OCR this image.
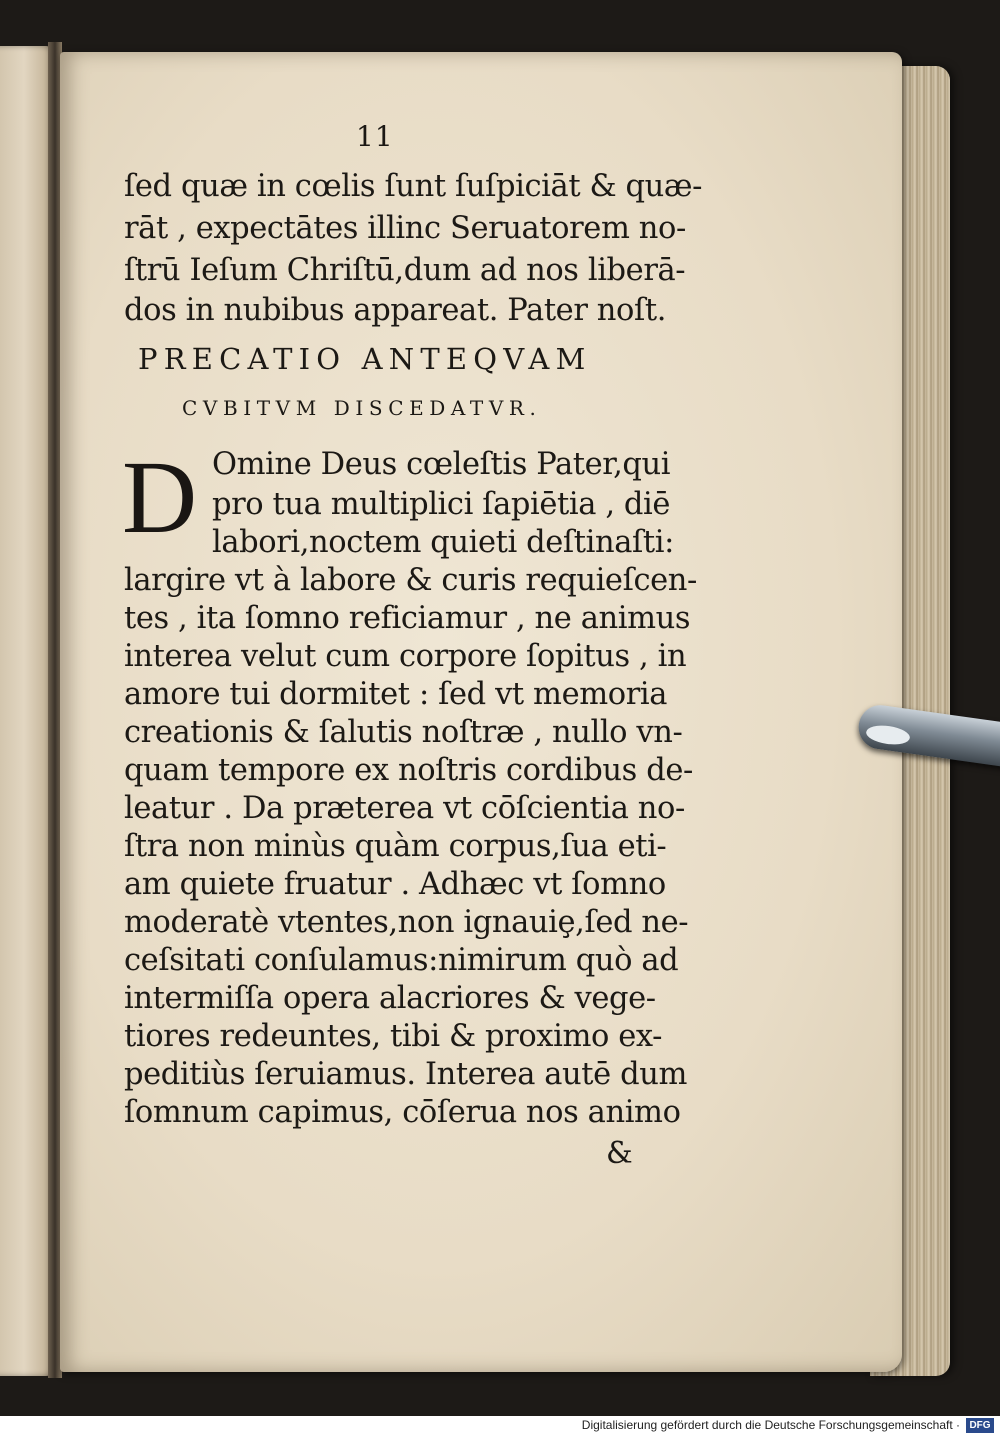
11
ſed quæ in cœlis ſunt ſuſpiciāt & quæ-
rāt , expectātes illinc Seruatorem no-
ſtrū Ieſum Chriſtū,dum ad nos liberā-
dos in nubibus appareat. Pater noſt.
PRECATIO ANTEQVAM
CVBITVM DISCEDATVR.
D Omine Deus cœleſtis Pater,qui
pro tua multiplici ſapiētia , diē
labori,noctem quieti deſtinaſti:
largire vt à labore & curis requieſcen-
tes , ita ſomno reficiamur , ne animus
interea velut cum corpore ſopitus , in
amore tui dormitet : ſed vt memoria
creationis & ſalutis noſtræ , nullo vn-
quam tempore ex noſtris cordibus de-
leatur . Da præterea vt cōſcientia no-
ſtra non minùs quàm corpus,ſua eti-
am quiete fruatur . Adhæc vt ſomno
moderatè vtentes,non ignauiȩ,ſed ne-
ceſsitati conſulamus:nimirum quò ad
intermiſſa opera alacriores & vege-
tiores redeuntes, tibi & proximo ex-
peditiùs ſeruiamus. Interea autē dum
ſomnum capimus, cōſerua nos animo
&
Digitalisierung gefördert durch die Deutsche Forschungsgemeinschaft · DFG
